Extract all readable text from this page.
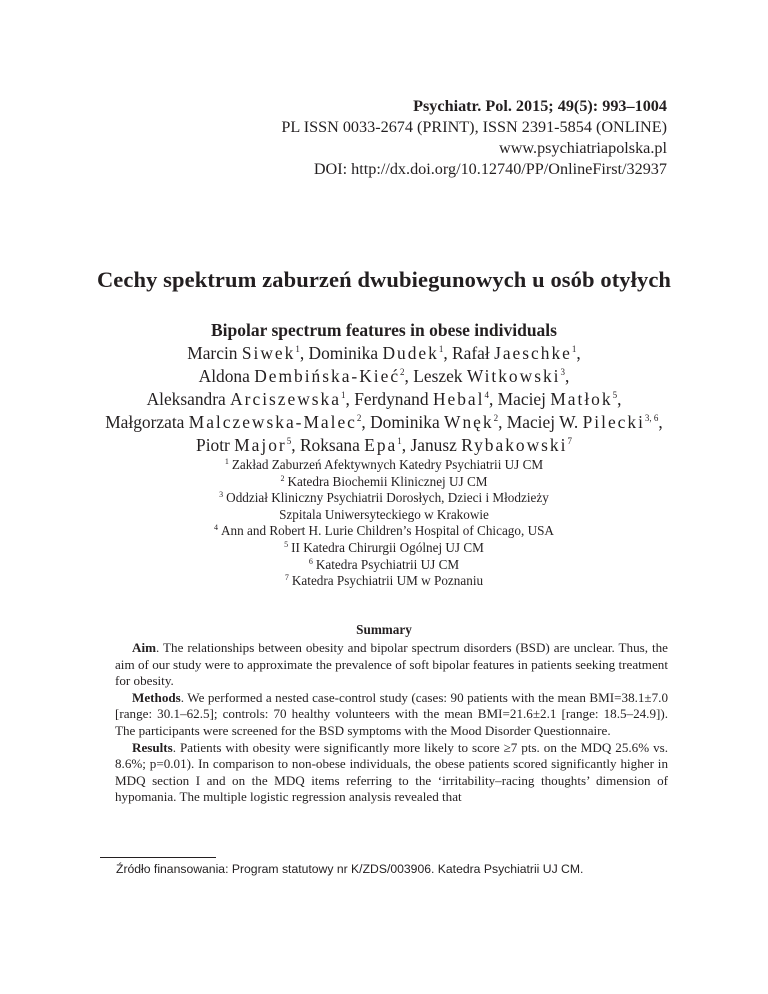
Psychiatr. Pol. 2015; 49(5): 993–1004
PL ISSN 0033-2674 (PRINT), ISSN 2391-5854 (ONLINE)
www.psychiatriapolska.pl
DOI: http://dx.doi.org/10.12740/PP/OnlineFirst/32937
Cechy spektrum zaburzeń dwubiegunowych u osób otyłych
Bipolar spectrum features in obese individuals
Marcin Siwek$^1$, Dominika Dudek$^1$, Rafał Jaeschke$^1$,
Aldona Dembińska-Kieć$^2$, Leszek Witkowski$^3$,
Aleksandra Arciszewska$^1$, Ferdynand Hebal$^4$, Maciej Matłok$^5$,
Małgorzata Malczewska-Malec$^2$, Dominika Wnęk$^2$, Maciej W. Pilecki$^{3, 6}$,
Piotr Major$^5$, Roksana Epa$^1$, Janusz Rybakowski$^7$
$^1$ Zakład Zaburzeń Afektywnych Katedry Psychiatrii UJ CM
$^2$ Katedra Biochemii Klinicznej UJ CM
$^3$ Oddział Kliniczny Psychiatrii Dorosłych, Dzieci i Młodzieży
Szpitala Uniwersyteckiego w Krakowie
$^4$ Ann and Robert H. Lurie Children’s Hospital of Chicago, USA
$^5$ II Katedra Chirurgii Ogólnej UJ CM
$^6$ Katedra Psychiatrii UJ CM
$^7$ Katedra Psychiatrii UM w Poznaniu
Summary

Aim. The relationships between obesity and bipolar spectrum disorders (BSD) are unclear. Thus, the aim of our study were to approximate the prevalence of soft bipolar features in patients seeking treatment for obesity.

Methods. We performed a nested case-control study (cases: 90 patients with the mean BMI=38.1±7.0 [range: 30.1–62.5]; controls: 70 healthy volunteers with the mean BMI=21.6±2.1 [range: 18.5–24.9]). The participants were screened for the BSD symptoms with the Mood Disorder Questionnaire.

Results. Patients with obesity were significantly more likely to score ≥7 pts. on the MDQ 25.6% vs. 8.6%; p=0.01). In comparison to non-obese individuals, the obese patients scored significantly higher in MDQ section I and on the MDQ items referring to the ‘irritability–racing thoughts’ dimension of hypomania. The multiple logistic regression analysis revealed that

Źródło finansowania: Program statutowy nr K/ZDS/003906. Katedra Psychiatrii UJ CM.
